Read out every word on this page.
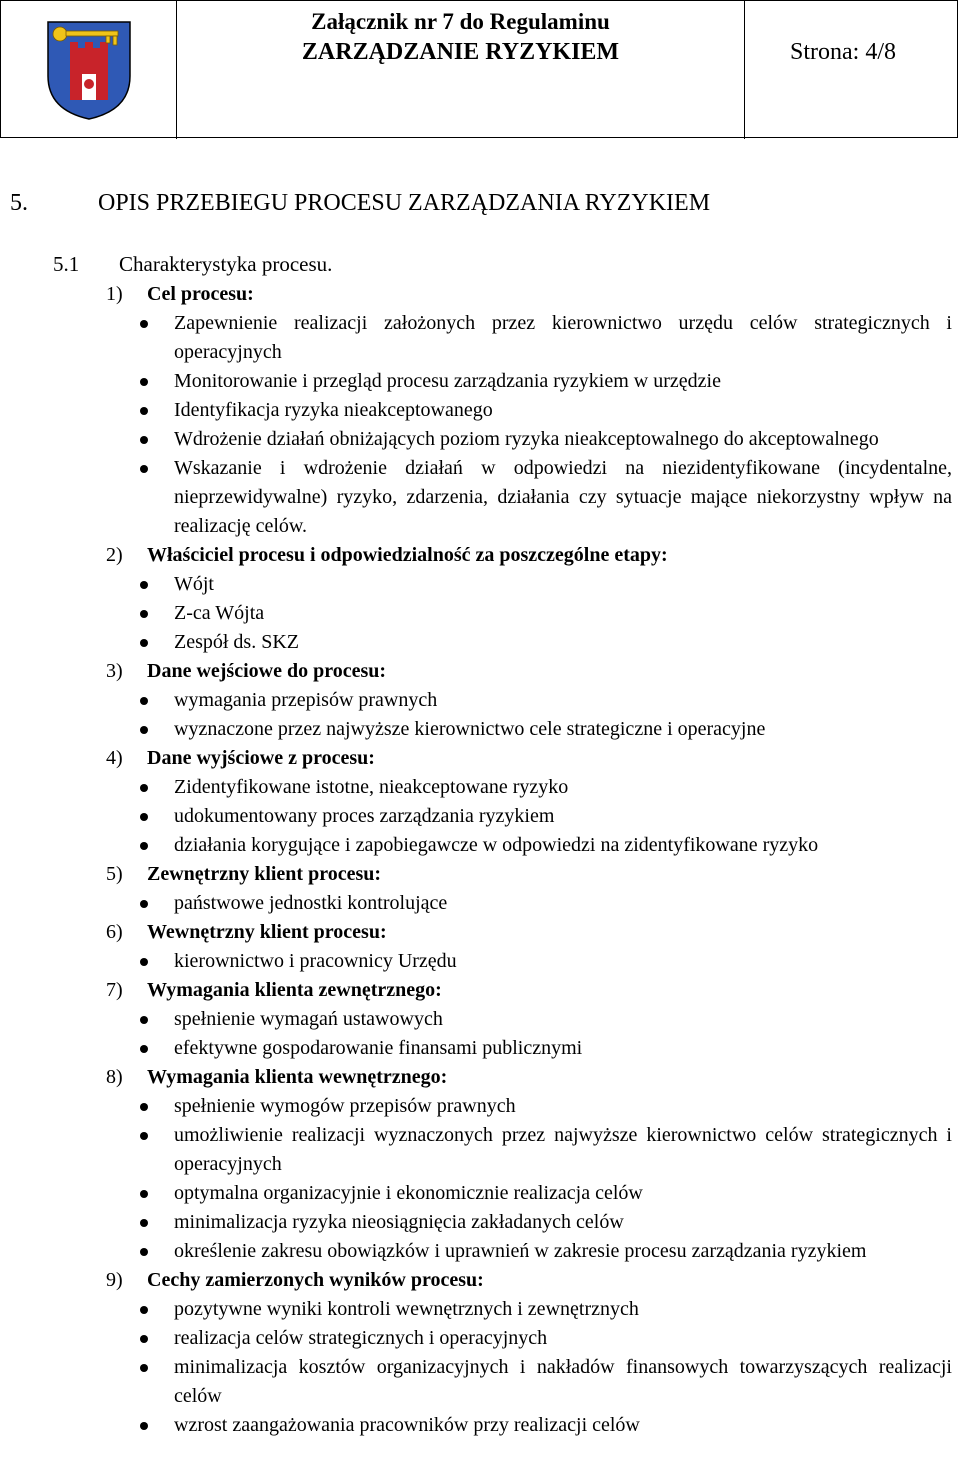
Załącznik nr 7 do Regulaminu
ZARZĄDZANIE RYZYKIEM	Strona: 4/8
5.	OPIS PRZEBIEGU PROCESU ZARZĄDZANIA RYZYKIEM
5.1 Charakterystyka procesu.
1) Cel procesu:
Zapewnienie realizacji założonych przez kierownictwo urzędu celów strategicznych i operacyjnych
Monitorowanie i przegląd procesu zarządzania ryzykiem w urzędzie
Identyfikacja ryzyka nieakceptowanego
Wdrożenie działań obniżających poziom ryzyka nieakceptowalnego do akceptowalnego
Wskazanie i wdrożenie działań w odpowiedzi na niezidentyfikowane (incydentalne, nieprzewidywalne) ryzyko, zdarzenia, działania czy sytuacje mające niekorzystny wpływ na realizację celów.
2) Właściciel procesu i odpowiedzialność za poszczególne etapy:
Wójt
Z-ca Wójta
Zespół ds. SKZ
3) Dane wejściowe do procesu:
wymagania przepisów prawnych
wyznaczone przez najwyższe kierownictwo cele strategiczne i operacyjne
4) Dane wyjściowe z procesu:
Zidentyfikowane istotne, nieakceptowane ryzyko
udokumentowany proces zarządzania ryzykiem
działania korygujące i zapobiegawcze w odpowiedzi na zidentyfikowane ryzyko
5) Zewnętrzny klient procesu:
państwowe jednostki kontrolujące
6) Wewnętrzny klient procesu:
kierownictwo i pracownicy Urzędu
7) Wymagania klienta zewnętrznego:
spełnienie wymagań ustawowych
efektywne gospodarowanie finansami publicznymi
8) Wymagania klienta wewnętrznego:
spełnienie wymogów przepisów prawnych
umożliwienie realizacji wyznaczonych przez najwyższe kierownictwo celów strategicznych i operacyjnych
optymalna organizacyjnie i ekonomicznie realizacja celów
minimalizacja ryzyka nieosiągnięcia zakładanych celów
określenie zakresu obowiązków i uprawnień w zakresie procesu zarządzania ryzykiem
9) Cechy zamierzonych wyników procesu:
pozytywne wyniki kontroli wewnętrznych i zewnętrznych
realizacja celów strategicznych i operacyjnych
minimalizacja kosztów organizacyjnych i nakładów finansowych towarzyszących realizacji celów
wzrost zaangażowania pracowników przy realizacji celów
